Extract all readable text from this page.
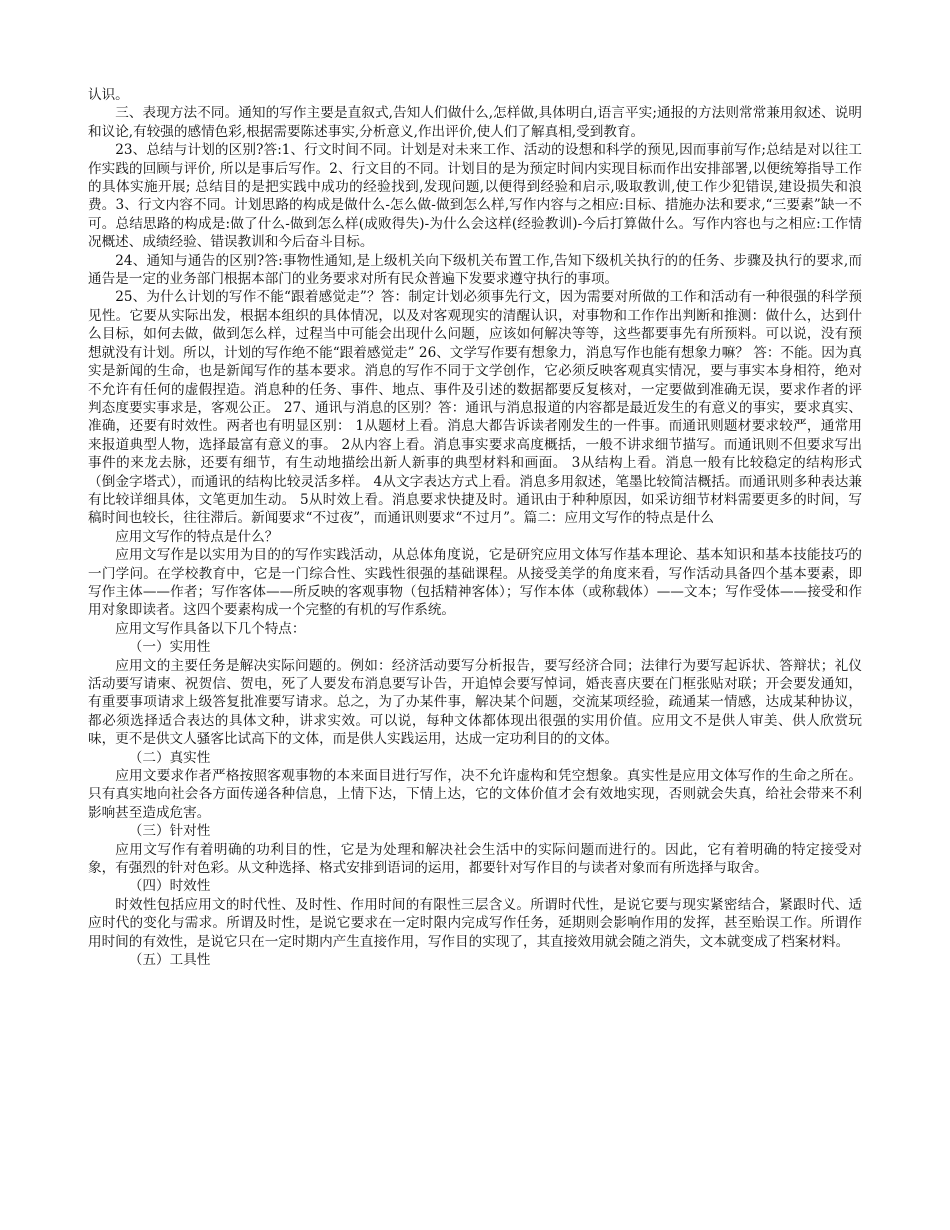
认识。

三、表现方法不同。通知的写作主要是直叙式,告知人们做什么,怎样做,具体明白,语言平实;通报的方法则常常兼用叙述、说明和议论,有较强的感情色彩,根据需要陈述事实,分析意义,作出评价,使人们了解真相,受到教育。

23、总结与计划的区别?答:1、行文时间不同。计划是对未来工作、活动的设想和科学的预见,因而事前写作;总结是对以往工作实践的回顾与评价, 所以是事后写作。2、行文目的不同。计划目的是为预定时间内实现目标而作出安排部署,以便统筹指导工作的具体实施开展; 总结目的是把实践中成功的经验找到,发现问题,以便得到经验和启示,吸取教训,使工作少犯错误,建设损失和浪费。3、行文内容不同。计划思路的构成是做什么-怎么做-做到怎么样,写作内容与之相应:目标、措施办法和要求,“三要素”缺一不可。总结思路的构成是:做了什么-做到怎么样(成败得失)-为什么会这样(经验教训)-今后打算做什么。写作内容也与之相应:工作情况概述、成绩经验、错误教训和今后奋斗目标。

24、通知与通告的区别?答:事物性通知,是上级机关向下级机关布置工作,告知下级机关执行的的任务、步骤及执行的要求,而通告是一定的业务部门根据本部门的业务要求对所有民众普遍下发要求遵守执行的事项。

25、为什么计划的写作不能“跟着感觉走”？答：制定计划必须事先行文，因为需要对所做的工作和活动有一种很强的科学预见性。它要从实际出发，根据本组织的具体情况，以及对客观现实的清醒认识，对事物和工作作出判断和推测：做什么，达到什么目标，如何去做，做到怎么样，过程当中可能会出现什么问题，应该如何解决等等，这些都要事先有所预料。可以说，没有预想就没有计划。所以，计划的写作绝不能“跟着感觉走” 26、文学写作要有想象力，消息写作也能有想象力嘛？ 答：不能。因为真实是新闻的生命，也是新闻写作的基本要求。消息的写作不同于文学创作，它必须反映客观真实情况，要与事实本身相符，绝对不允许有任何的虚假捏造。消息种的任务、事件、地点、事件及引述的数据都要反复核对，一定要做到准确无误，要求作者的评判态度要实事求是，客观公正。 27、通讯与消息的区别？答：通讯与消息报道的内容都是最近发生的有意义的事实，要求真实、准确，还要有时效性。两者也有明显区别： 1从题材上看。消息大都告诉读者刚发生的一件事。而通讯则题材要求较严，通常用来报道典型人物，选择最富有意义的事。 2从内容上看。消息事实要求高度概括，一般不讲求细节描写。而通讯则不但要求写出事件的来龙去脉，还要有细节，有生动地描绘出新人新事的典型材料和画面。 3从结构上看。消息一般有比较稳定的结构形式（倒金字塔式），而通讯的结构比较灵活多样。 4从文字表达方式上看。消息多用叙述，笔墨比较简洁概括。而通讯则多种表达兼有比较详细具体，文笔更加生动。 5从时效上看。消息要求快捷及时。通讯由于种种原因，如采访细节材料需要更多的时间，写稿时间也较长，往往滞后。新闻要求“不过夜”，而通讯则要求“不过月”。篇二：应用文写作的特点是什么

应用文写作的特点是什么？

应用文写作是以实用为目的的写作实践活动，从总体角度说，它是研究应用文体写作基本理论、基本知识和基本技能技巧的一门学问。在学校教育中，它是一门综合性、实践性很强的基础课程。从接受美学的角度来看，写作活动具备四个基本要素，即写作主体——作者；写作客体——所反映的客观事物（包括精神客体）；写作本体（或称载体）——文本；写作受体——接受和作用对象即读者。这四个要素构成一个完整的有机的写作系统。

应用文写作具备以下几个特点：

（一）实用性

应用文的主要任务是解决实际问题的。例如：经济活动要写分析报告，要写经济合同；法律行为要写起诉状、答辩状；礼仪活动要写请柬、祝贺信、贺电，死了人要发布消息要写讣告，开追悼会要写悼词，婚丧喜庆要在门框张贴对联；开会要发通知，有重要事项请求上级答复批准要写请求。总之，为了办某件事，解决某个问题，交流某项经验，疏通某一情感，达成某种协议，都必须选择适合表达的具体文种，讲求实效。可以说，每种文体都体现出很强的实用价值。应用文不是供人审美、供人欣赏玩味，更不是供文人骚客比试高下的文体，而是供人实践运用，达成一定功利目的的文体。

（二）真实性

应用文要求作者严格按照客观事物的本来面目进行写作，决不允许虚构和凭空想象。真实性是应用文体写作的生命之所在。只有真实地向社会各方面传递各种信息，上情下达，下情上达，它的文体价值才会有效地实现，否则就会失真，给社会带来不利影响甚至造成危害。

（三）针对性

应用文写作有着明确的功利目的性，它是为处理和解决社会生活中的实际问题而进行的。因此，它有着明确的特定接受对象，有强烈的针对色彩。从文种选择、格式安排到语词的运用，都要针对写作目的与读者对象而有所选择与取舍。

（四）时效性

时效性包括应用文的时代性、及时性、作用时间的有限性三层含义。所谓时代性，是说它要与现实紧密结合，紧跟时代、适应时代的变化与需求。所谓及时性，是说它要求在一定时限内完成写作任务，延期则会影响作用的发挥，甚至贻误工作。所谓作用时间的有效性，是说它只在一定时期内产生直接作用，写作目的实现了，其直接效用就会随之消失，文本就变成了档案材料。

（五）工具性
